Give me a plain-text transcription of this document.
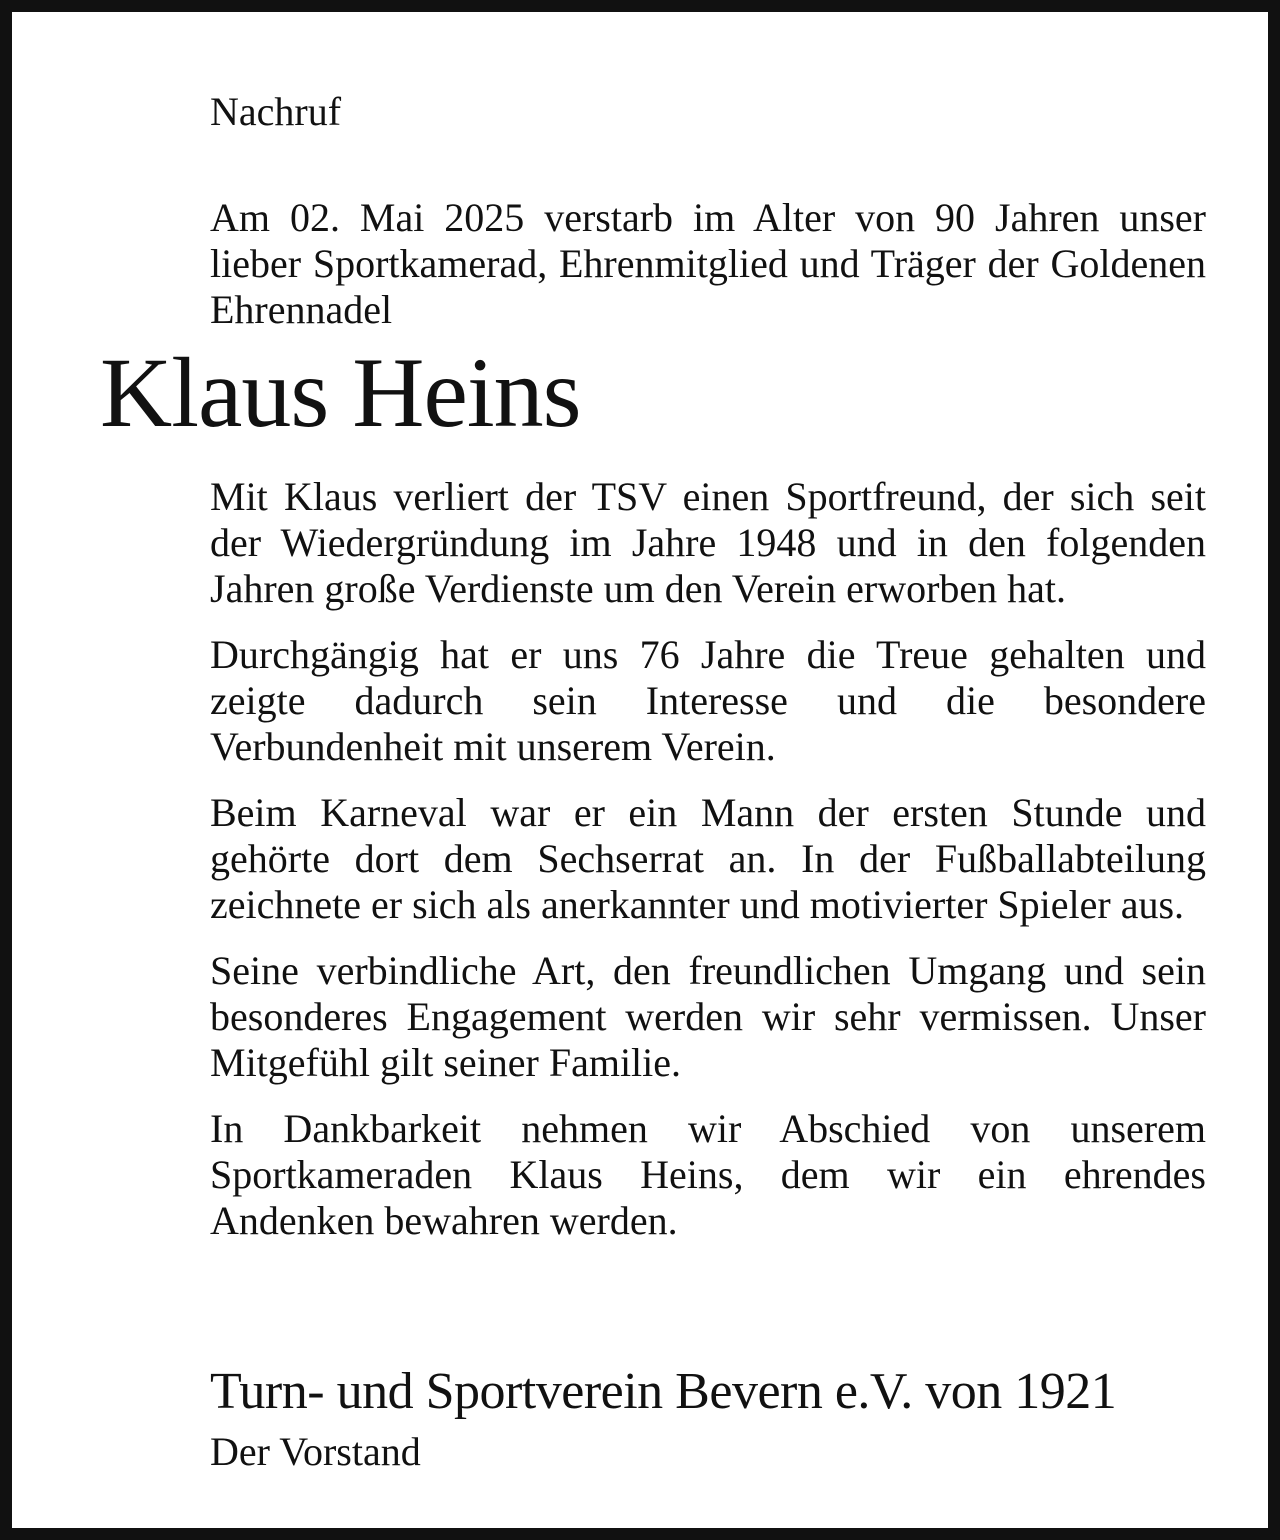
Nachruf
Am 02. Mai 2025 verstarb im Alter von 90 Jahren unser lieber Sportkamerad, Ehrenmitglied und Träger der Goldenen Ehrennadel
Klaus Heins

Mit Klaus verliert der TSV einen Sportfreund, der sich seit der Wiedergründung im Jahre 1948 und in den folgenden Jahren große Verdienste um den Verein erworben hat.

Durchgängig hat er uns 76 Jahre die Treue gehalten und zeigte dadurch sein Interesse und die besondere Verbundenheit mit unserem Verein.

Beim Karneval war er ein Mann der ersten Stunde und gehörte dort dem Sechserrat an. In der Fußballabteilung zeichnete er sich als anerkannter und motivierter Spieler aus.

Seine verbindliche Art, den freundlichen Umgang und sein besonderes Engagement werden wir sehr vermissen. Unser Mitgefühl gilt seiner Familie.

In Dankbarkeit nehmen wir Abschied von unserem Sportkameraden Klaus Heins, dem wir ein ehrendes Andenken bewahren werden.

Turn- und Sportverein Bevern e.V. von 1921
Der Vorstand
